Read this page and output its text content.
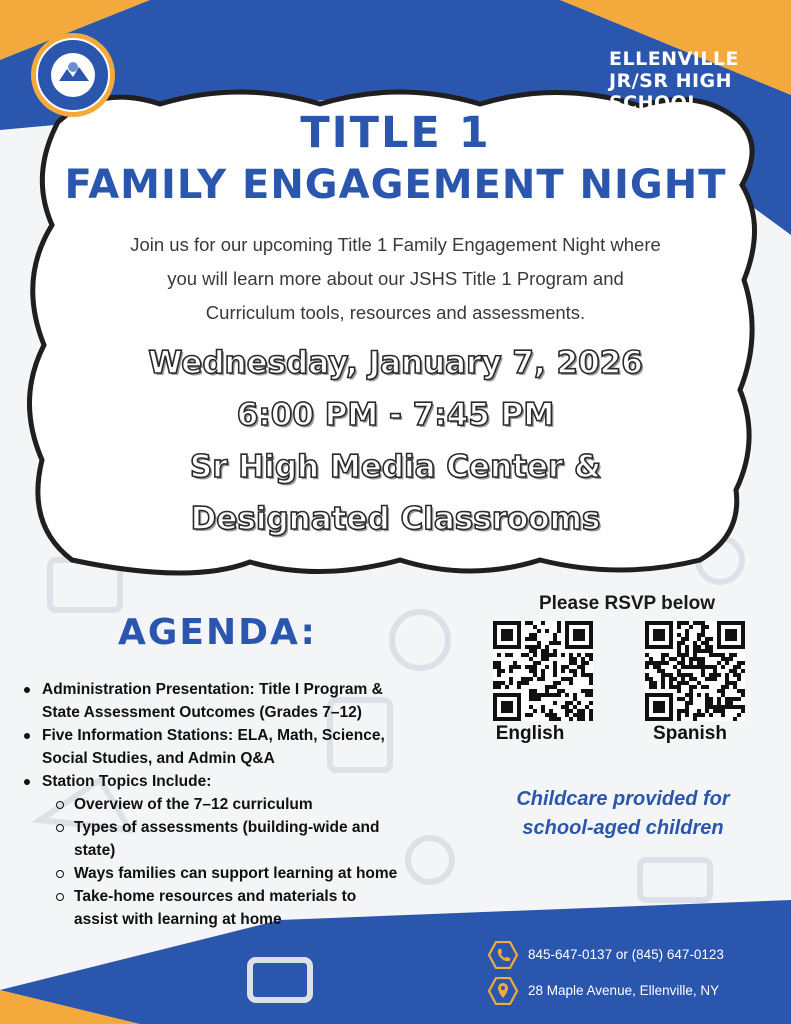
ELLENVILLE
JR/SR HIGH
SCHOOL
TITLE 1
FAMILY ENGAGEMENT NIGHT
Join us for our upcoming Title 1 Family Engagement Night where
you will learn more about our JSHS Title 1 Program and
Curriculum tools, resources and assessments.
Wednesday, January 7, 2026
6:00 PM - 7:45 PM
Sr High Media Center &
Designated Classrooms
AGENDA:
Administration Presentation: Title I Program &
State Assessment Outcomes (Grades 7–12)
Five Information Stations: ELA, Math, Science,
Social Studies, and Admin Q&A
Station Topics Include:
Overview of the 7–12 curriculum
Types of assessments (building-wide and
state)
Ways families can support learning at home
Take-home resources and materials to
assist with learning at home
Please RSVP below
English	Spanish
Childcare provided for
school-aged children
845-647-0137 or (845) 647-0123
28 Maple Avenue, Ellenville, NY
